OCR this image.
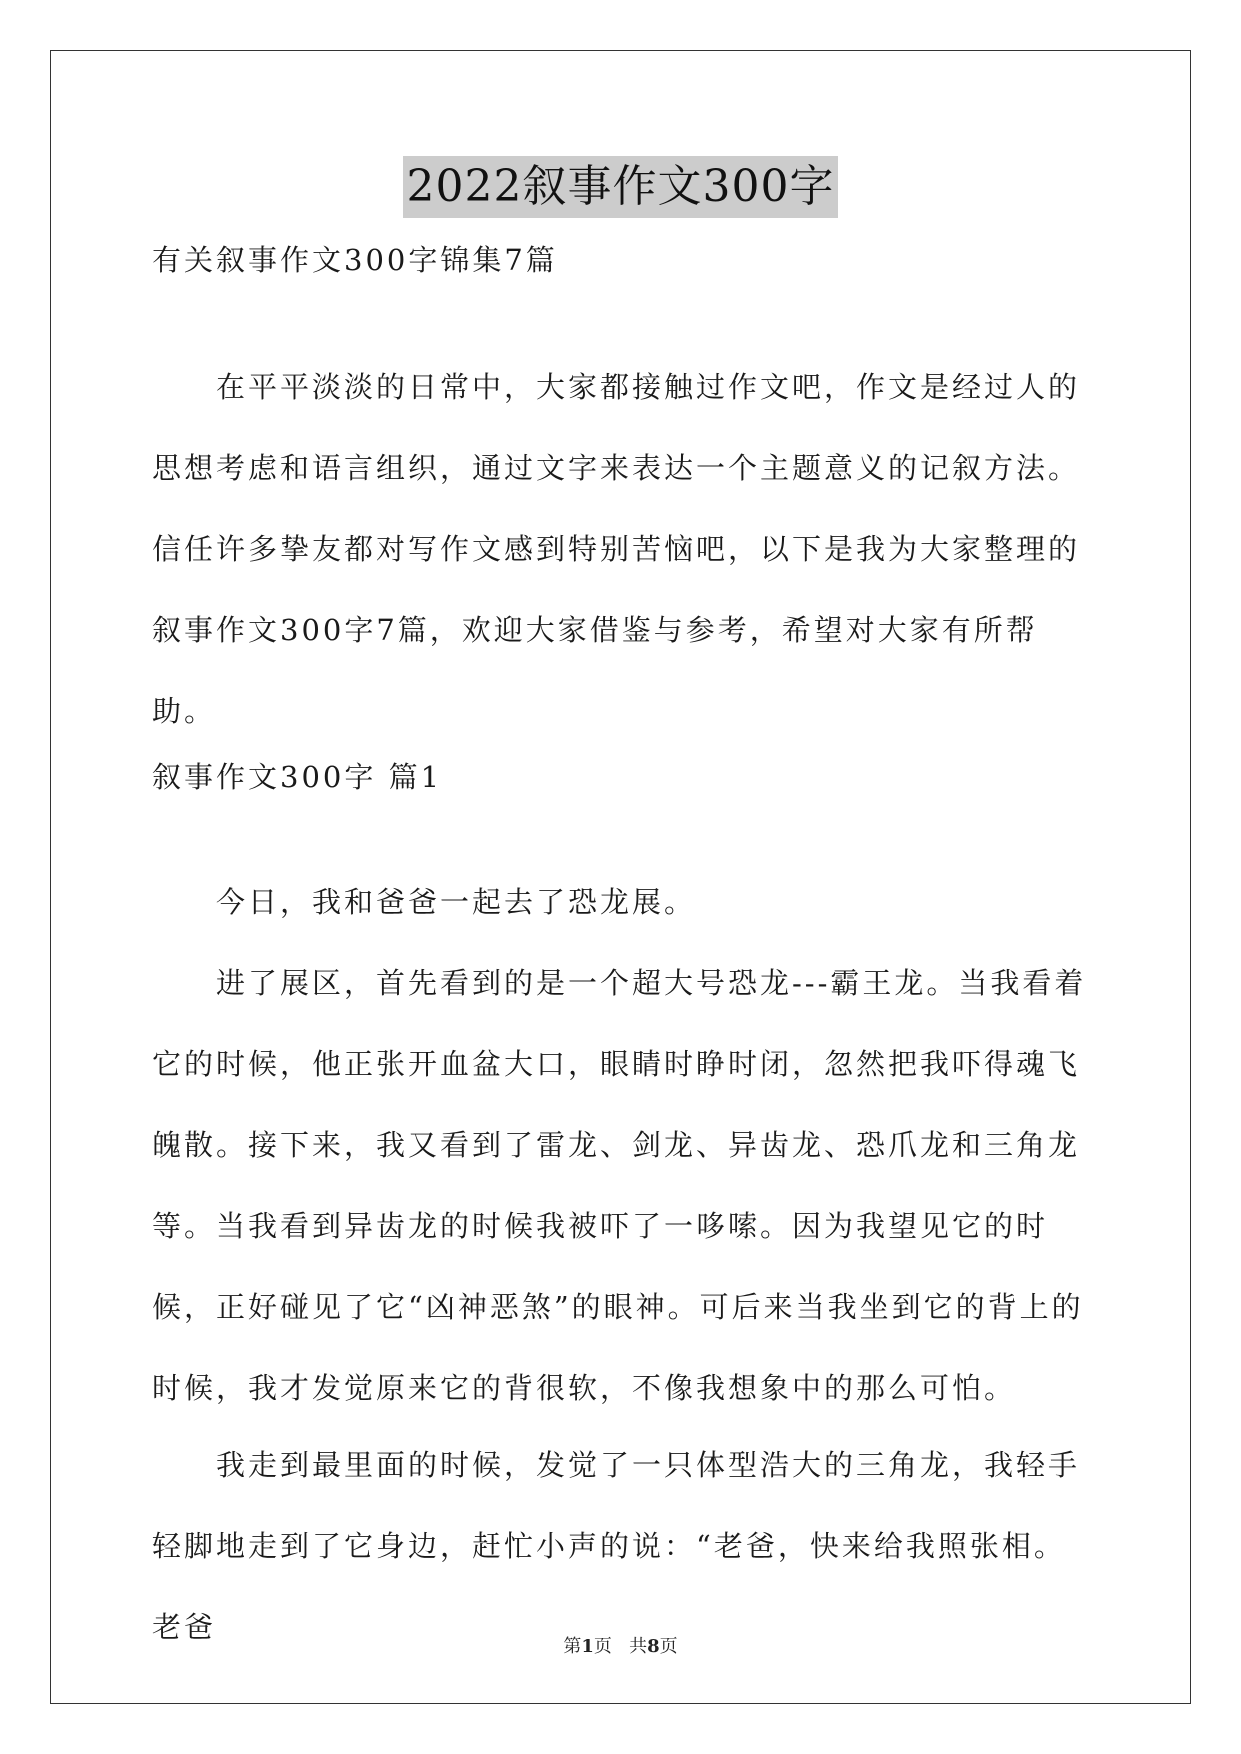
2022叙事作文300字
有关叙事作文300字锦集7篇
在平平淡淡的日常中，大家都接触过作文吧，作文是经过人的思想考虑和语言组织，通过文字来表达一个主题意义的记叙方法。信任许多挚友都对写作文感到特别苦恼吧，以下是我为大家整理的叙事作文300字7篇，欢迎大家借鉴与参考，希望对大家有所帮助。
叙事作文300字 篇1
今日，我和爸爸一起去了恐龙展。
进了展区，首先看到的是一个超大号恐龙---霸王龙。当我看着它的时候，他正张开血盆大口，眼睛时睁时闭，忽然把我吓得魂飞魄散。接下来，我又看到了雷龙、剑龙、异齿龙、恐爪龙和三角龙等。当我看到异齿龙的时候我被吓了一哆嗦。因为我望见它的时候，正好碰见了它“凶神恶煞”的眼神。可后来当我坐到它的背上的时候，我才发觉原来它的背很软，不像我想象中的那么可怕。
我走到最里面的时候，发觉了一只体型浩大的三角龙，我轻手轻脚地走到了它身边，赶忙小声的说：“老爸，快来给我照张相。老爸
第1页 共8页
